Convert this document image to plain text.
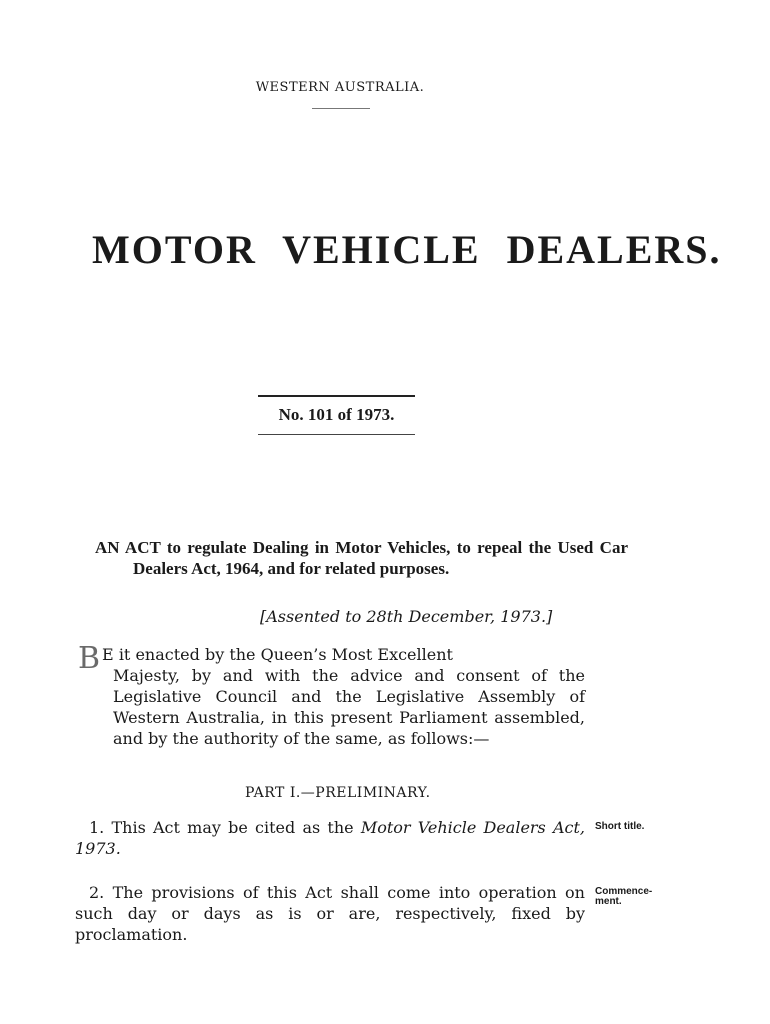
WESTERN AUSTRALIA.
MOTOR VEHICLE DEALERS.
No. 101 of 1973.
AN ACT to regulate Dealing in Motor Vehicles, to repeal the Used Car Dealers Act, 1964, and for related purposes.
[Assented to 28th December, 1973.]
B E it enacted by the Queen’s Most Excellent
Majesty, by and with the advice and consent of the Legislative Council and the Legislative Assembly of Western Australia, in this present Parliament assembled, and by the authority of the same, as follows:—
PART I.—PRELIMINARY.
1. This Act may be cited as the Motor Vehicle Dealers Act, 1973.
Short title.
2. The provisions of this Act shall come into operation on such day or days as is or are, respectively, fixed by proclamation.
Commence-ment.
